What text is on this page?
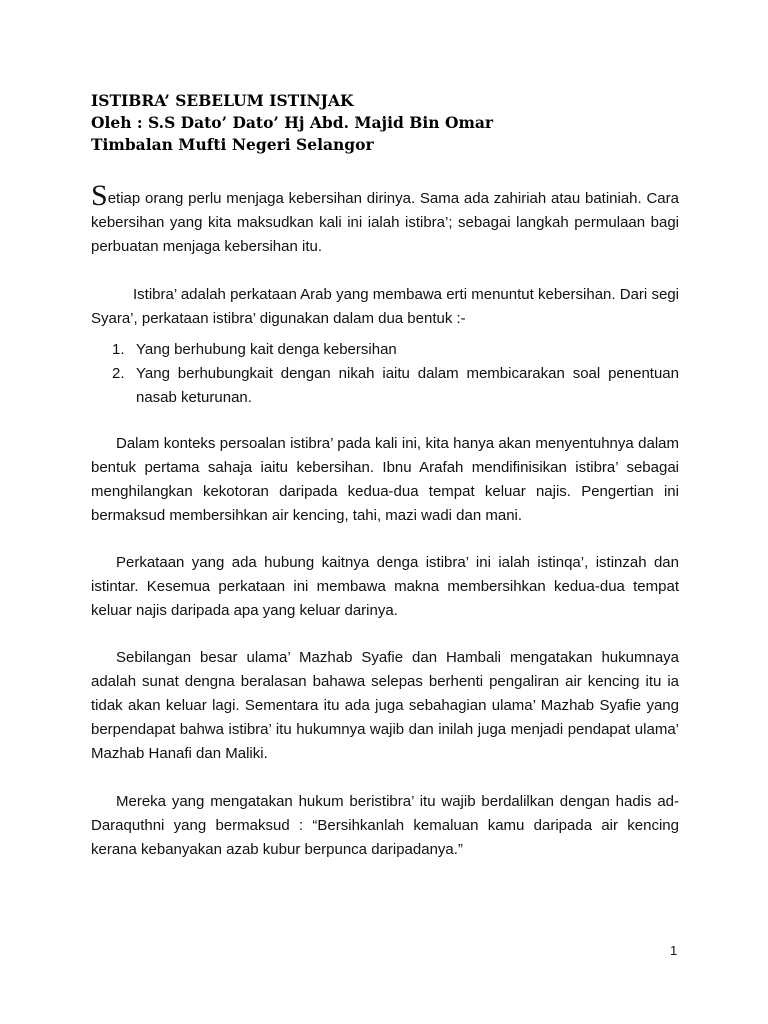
ISTIBRA’ SEBELUM ISTINJAK
Oleh : S.S Dato’ Dato’ Hj Abd. Majid Bin Omar
Timbalan Mufti Negeri Selangor

Setiap orang perlu menjaga kebersihan dirinya. Sama ada zahiriah atau batiniah. Cara kebersihan yang kita maksudkan kali ini ialah istibra’; sebagai langkah permulaan bagi perbuatan menjaga kebersihan itu.

Istibra’ adalah perkataan Arab yang membawa erti menuntut kebersihan. Dari segi Syara’, perkataan istibra’ digunakan dalam dua bentuk :-

1. Yang berhubung kait denga kebersihan
2. Yang berhubungkait dengan nikah iaitu dalam membicarakan soal penentuan nasab keturunan.

Dalam konteks persoalan istibra’ pada kali ini, kita hanya akan menyentuhnya dalam bentuk pertama sahaja iaitu kebersihan. Ibnu Arafah mendifinisikan istibra’ sebagai menghilangkan kekotoran daripada kedua-dua tempat keluar najis. Pengertian ini bermaksud membersihkan air kencing, tahi, mazi wadi dan mani.

Perkataan yang ada hubung kaitnya denga istibra’ ini ialah istinqa’, istinzah dan istintar. Kesemua perkataan ini membawa makna membersihkan kedua-dua tempat keluar najis daripada apa yang keluar darinya.

Sebilangan besar ulama’ Mazhab Syafie dan Hambali mengatakan hukumnaya adalah sunat dengna beralasan bahawa selepas berhenti pengaliran air kencing itu ia tidak akan keluar lagi. Sementara itu ada juga sebahagian ulama’ Mazhab Syafie yang berpendapat bahwa istibra’ itu hukumnya wajib dan inilah juga menjadi pendapat ulama’ Mazhab Hanafi dan Maliki.

Mereka yang mengatakan hukum beristibra’ itu wajib berdalilkan dengan hadis ad-Daraquthni yang bermaksud : “Bersihkanlah kemaluan kamu daripada air kencing kerana kebanyakan azab kubur berpunca daripadanya.”

1
